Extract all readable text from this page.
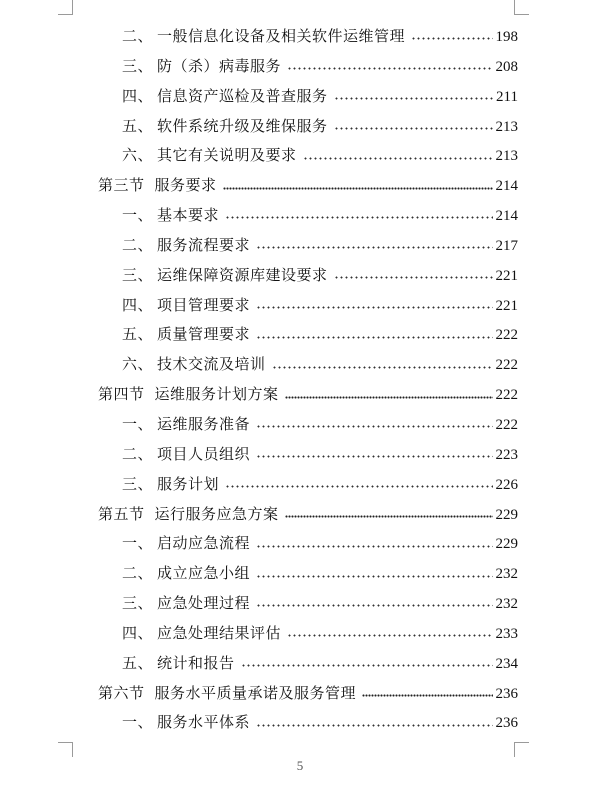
二、 一般信息化设备及相关软件运维管理	198
三、 防（杀）病毒服务	208
四、 信息资产巡检及普查服务	211
五、 软件系统升级及维保服务	213
六、 其它有关说明及要求	213
第三节 服务要求	214
一、 基本要求	214
二、 服务流程要求	217
三、 运维保障资源库建设要求	221
四、 项目管理要求	221
五、 质量管理要求	222
六、 技术交流及培训	222
第四节 运维服务计划方案	222
一、 运维服务准备	222
二、 项目人员组织	223
三、 服务计划	226
第五节 运行服务应急方案	229
一、 启动应急流程	229
二、 成立应急小组	232
三、 应急处理过程	232
四、 应急处理结果评估	233
五、 统计和报告	234
第六节 服务水平质量承诺及服务管理	236
一、 服务水平体系	236
5
